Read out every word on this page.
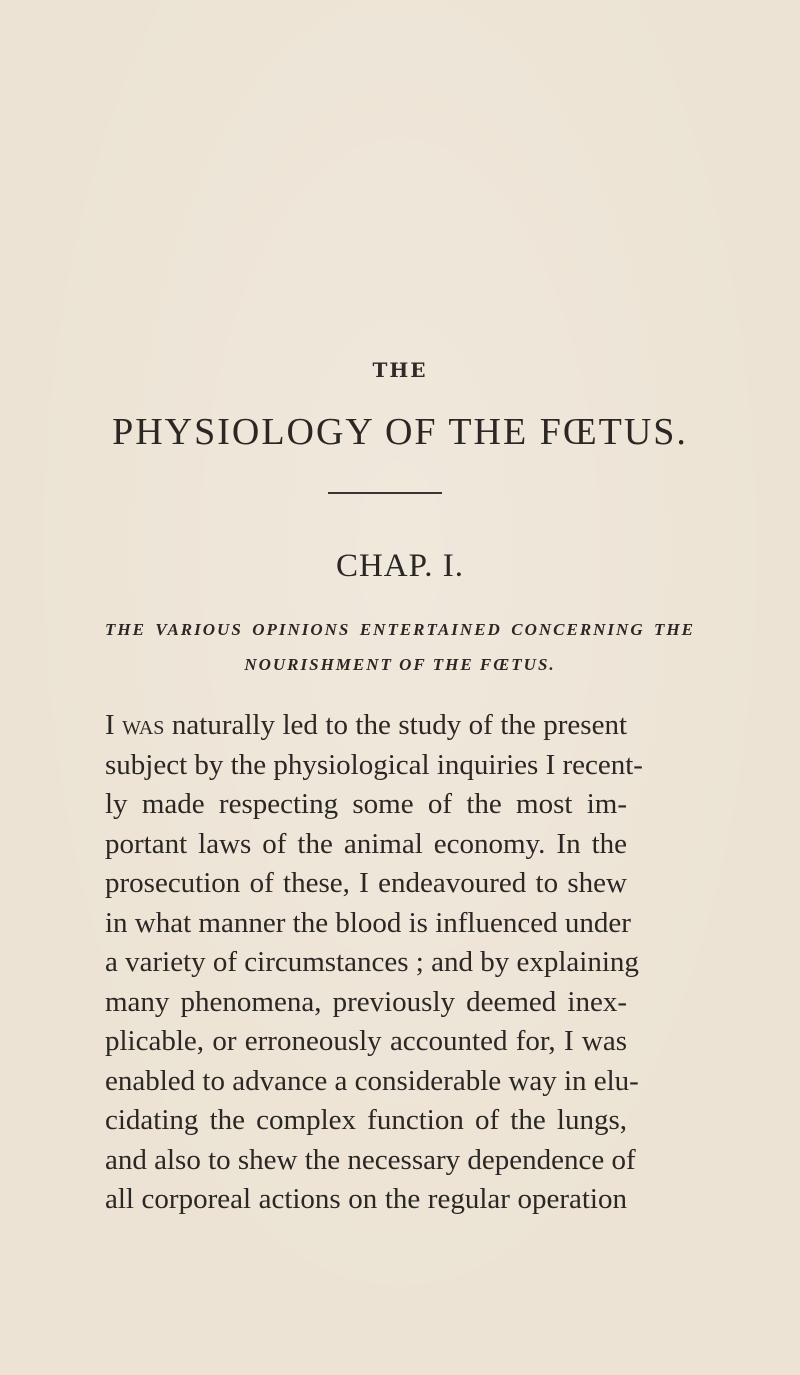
THE
PHYSIOLOGY OF THE FŒTUS.
CHAP. I.
THE VARIOUS OPINIONS ENTERTAINED CONCERNING THE
NOURISHMENT OF THE FŒTUS.
I was naturally led to the study of the present
subject by the physiological inquiries I recent-
ly made respecting some of the most im-
portant laws of the animal economy. In the
prosecution of these, I endeavoured to shew
in what manner the blood is influenced under
a variety of circumstances ; and by explaining
many phenomena, previously deemed inex-
plicable, or erroneously accounted for, I was
enabled to advance a considerable way in elu-
cidating the complex function of the lungs,
and also to shew the necessary dependence of
all corporeal actions on the regular operation
